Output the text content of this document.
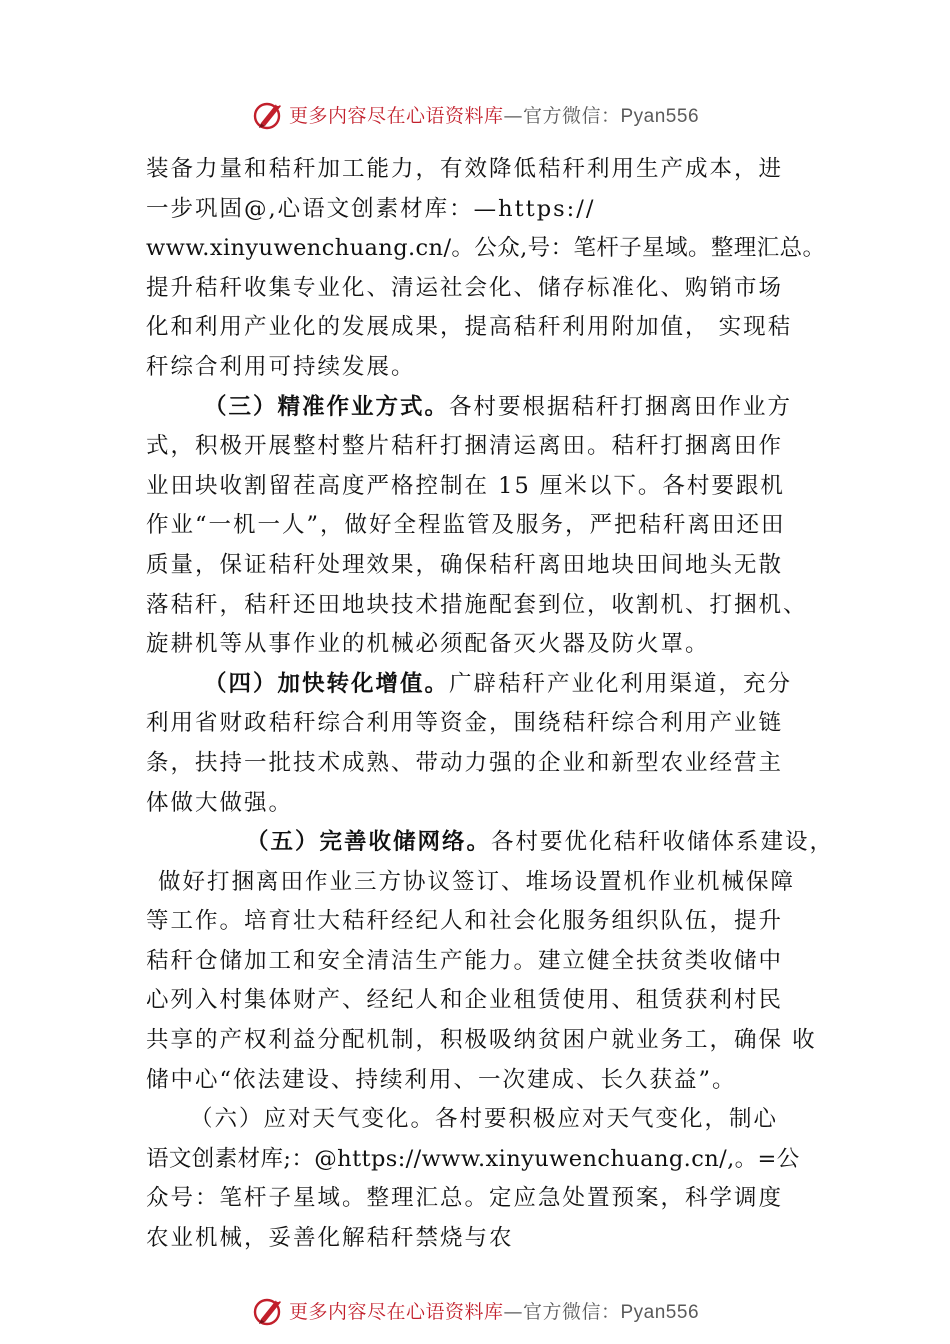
更多内容尽在心语资料库—官方微信：Pyan556
装备力量和秸秆加工能力，有效降低秸秆利用生产成本，进
一步巩固@,心语文创素材库：—https://
www.xinyuwenchuang.cn/。公众,号：笔杆子星域。整理汇总。
提升秸秆收集专业化、清运社会化、储存标准化、购销市场
化和利用产业化的发展成果，提高秸秆利用附加值， 实现秸
秆综合利用可持续发展。
（三）精准作业方式。各村要根据秸秆打捆离田作业方
式，积极开展整村整片秸秆打捆清运离田。秸秆打捆离田作
业田块收割留茬高度严格控制在 15 厘米以下。各村要跟机
作业“一机一人”，做好全程监管及服务，严把秸秆离田还田
质量，保证秸秆处理效果，确保秸秆离田地块田间地头无散
落秸秆，秸秆还田地块技术措施配套到位，收割机、打捆机、
旋耕机等从事作业的机械必须配备灭火器及防火罩。
（四）加快转化增值。广辟秸秆产业化利用渠道，充分
利用省财政秸秆综合利用等资金，围绕秸秆综合利用产业链
条，扶持一批技术成熟、带动力强的企业和新型农业经营主
体做大做强。
（五）完善收储网络。各村要优化秸秆收储体系建设，
做好打捆离田作业三方协议签订、堆场设置机作业机械保障
等工作。培育壮大秸秆经纪人和社会化服务组织队伍，提升
秸秆仓储加工和安全清洁生产能力。建立健全扶贫类收储中
心列入村集体财产、经纪人和企业租赁使用、租赁获利村民
共享的产权利益分配机制，积极吸纳贫困户就业务工，确保 收
储中心“依法建设、持续利用、一次建成、长久获益”。
（六）应对天气变化。各村要积极应对天气变化，制心
语文创素材库;：@https://www.xinyuwenchuang.cn/,。=公
众号：笔杆子星域。整理汇总。定应急处置预案，科学调度
农业机械，妥善化解秸秆禁烧与农
更多内容尽在心语资料库—官方微信：Pyan556
